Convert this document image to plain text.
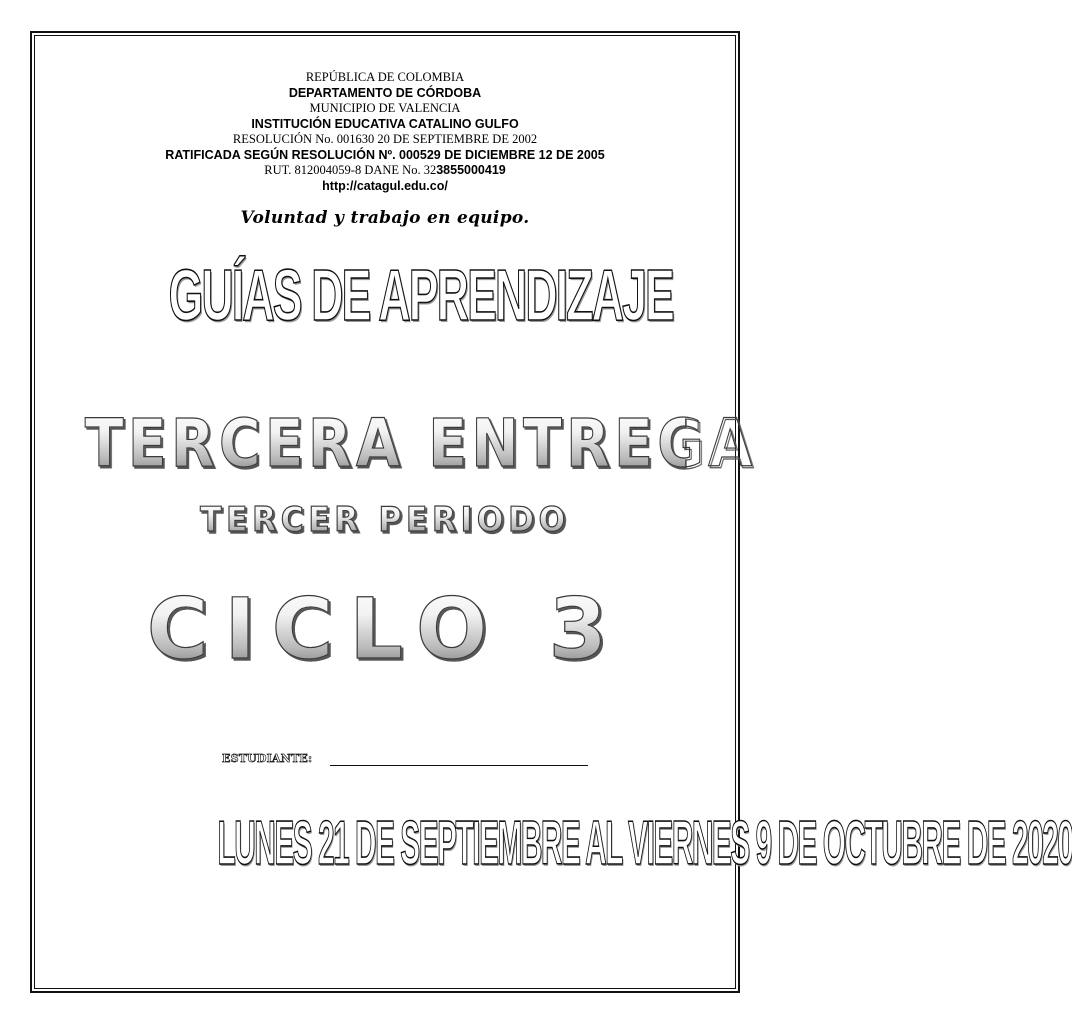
REPÚBLICA DE COLOMBIA
DEPARTAMENTO DE CÓRDOBA
MUNICIPIO DE VALENCIA
INSTITUCIÓN EDUCATIVA CATALINO GULFO
RESOLUCIÓN No. 001630 20 DE SEPTIEMBRE DE 2002
RATIFICADA SEGÚN RESOLUCIÓN Nº. 000529 DE DICIEMBRE 12 DE 2005
RUT. 812004059-8 DANE No. 323855000419
http://catagul.edu.co/
Voluntad y trabajo en equipo.
GUÍAS DE APRENDIZAJE
TERCERA ENTREGA
TERCER PERIODO
CICLO 3
ESTUDIANTE:
LUNES 21 DE SEPTIEMBRE AL VIERNES 9 DE OCTUBRE DE 2020
